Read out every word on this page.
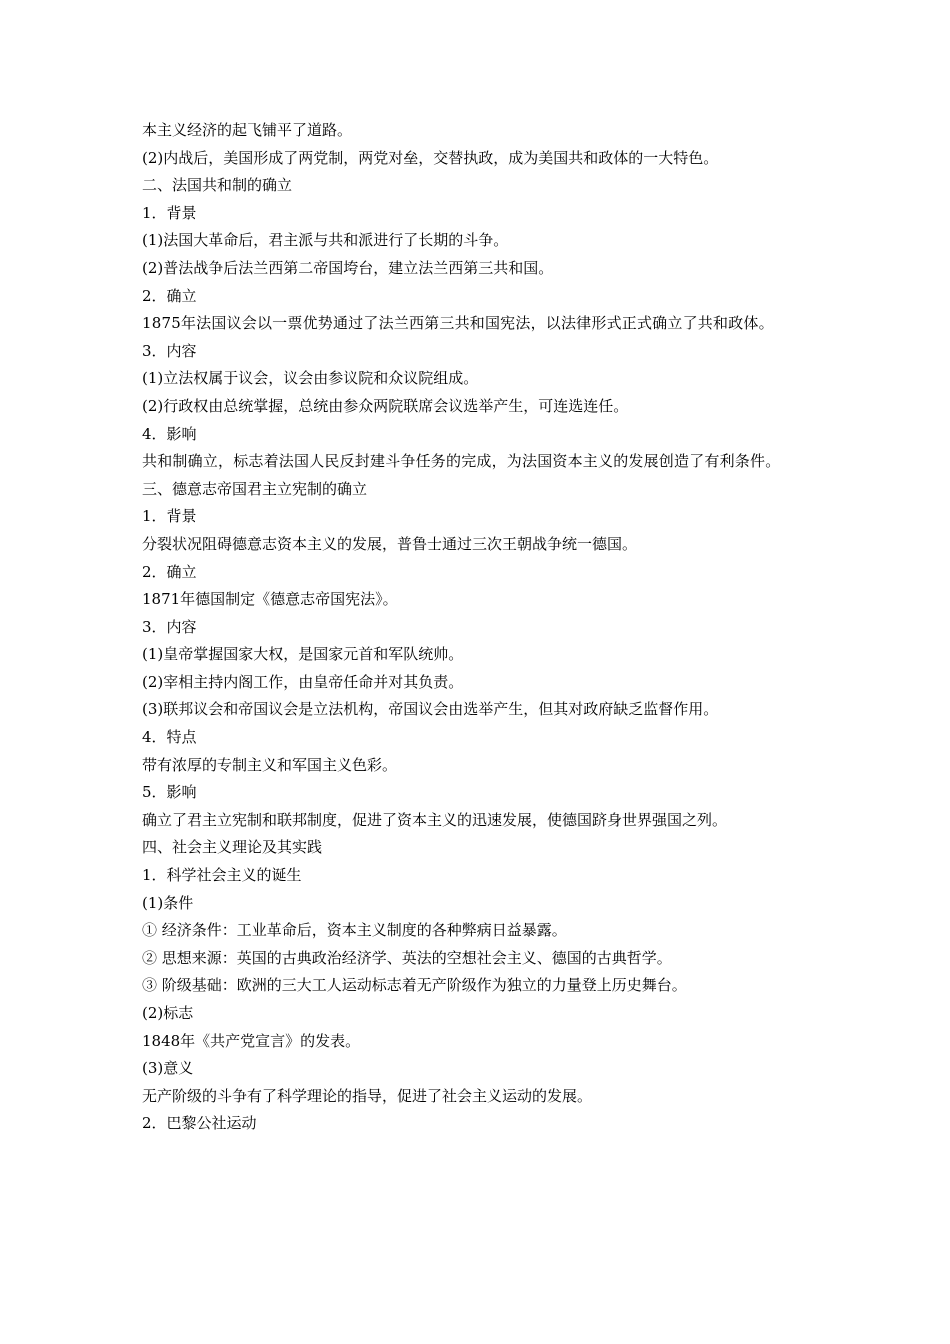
本主义经济的起飞铺平了道路。
(2)内战后，美国形成了两党制，两党对垒，交替执政，成为美国共和政体的一大特色。
二、法国共和制的确立
1．背景
(1)法国大革命后，君主派与共和派进行了长期的斗争。
(2)普法战争后法兰西第二帝国垮台，建立法兰西第三共和国。
2．确立
1875年法国议会以一票优势通过了法兰西第三共和国宪法，以法律形式正式确立了共和政体。
3．内容
(1)立法权属于议会，议会由参议院和众议院组成。
(2)行政权由总统掌握，总统由参众两院联席会议选举产生，可连选连任。
4．影响
共和制确立，标志着法国人民反封建斗争任务的完成，为法国资本主义的发展创造了有利条件。
三、德意志帝国君主立宪制的确立
1．背景
分裂状况阻碍德意志资本主义的发展，普鲁士通过三次王朝战争统一德国。
2．确立
1871年德国制定《德意志帝国宪法》。
3．内容
(1)皇帝掌握国家大权，是国家元首和军队统帅。
(2)宰相主持内阁工作，由皇帝任命并对其负责。
(3)联邦议会和帝国议会是立法机构，帝国议会由选举产生，但其对政府缺乏监督作用。
4．特点
带有浓厚的专制主义和军国主义色彩。
5．影响
确立了君主立宪制和联邦制度，促进了资本主义的迅速发展，使德国跻身世界强国之列。
四、社会主义理论及其实践
1．科学社会主义的诞生
(1)条件
① 经济条件：工业革命后，资本主义制度的各种弊病日益暴露。
② 思想来源：英国的古典政治经济学、英法的空想社会主义、德国的古典哲学。
③ 阶级基础：欧洲的三大工人运动标志着无产阶级作为独立的力量登上历史舞台。
(2)标志
1848年《共产党宣言》的发表。
(3)意义
无产阶级的斗争有了科学理论的指导，促进了社会主义运动的发展。
2．巴黎公社运动
